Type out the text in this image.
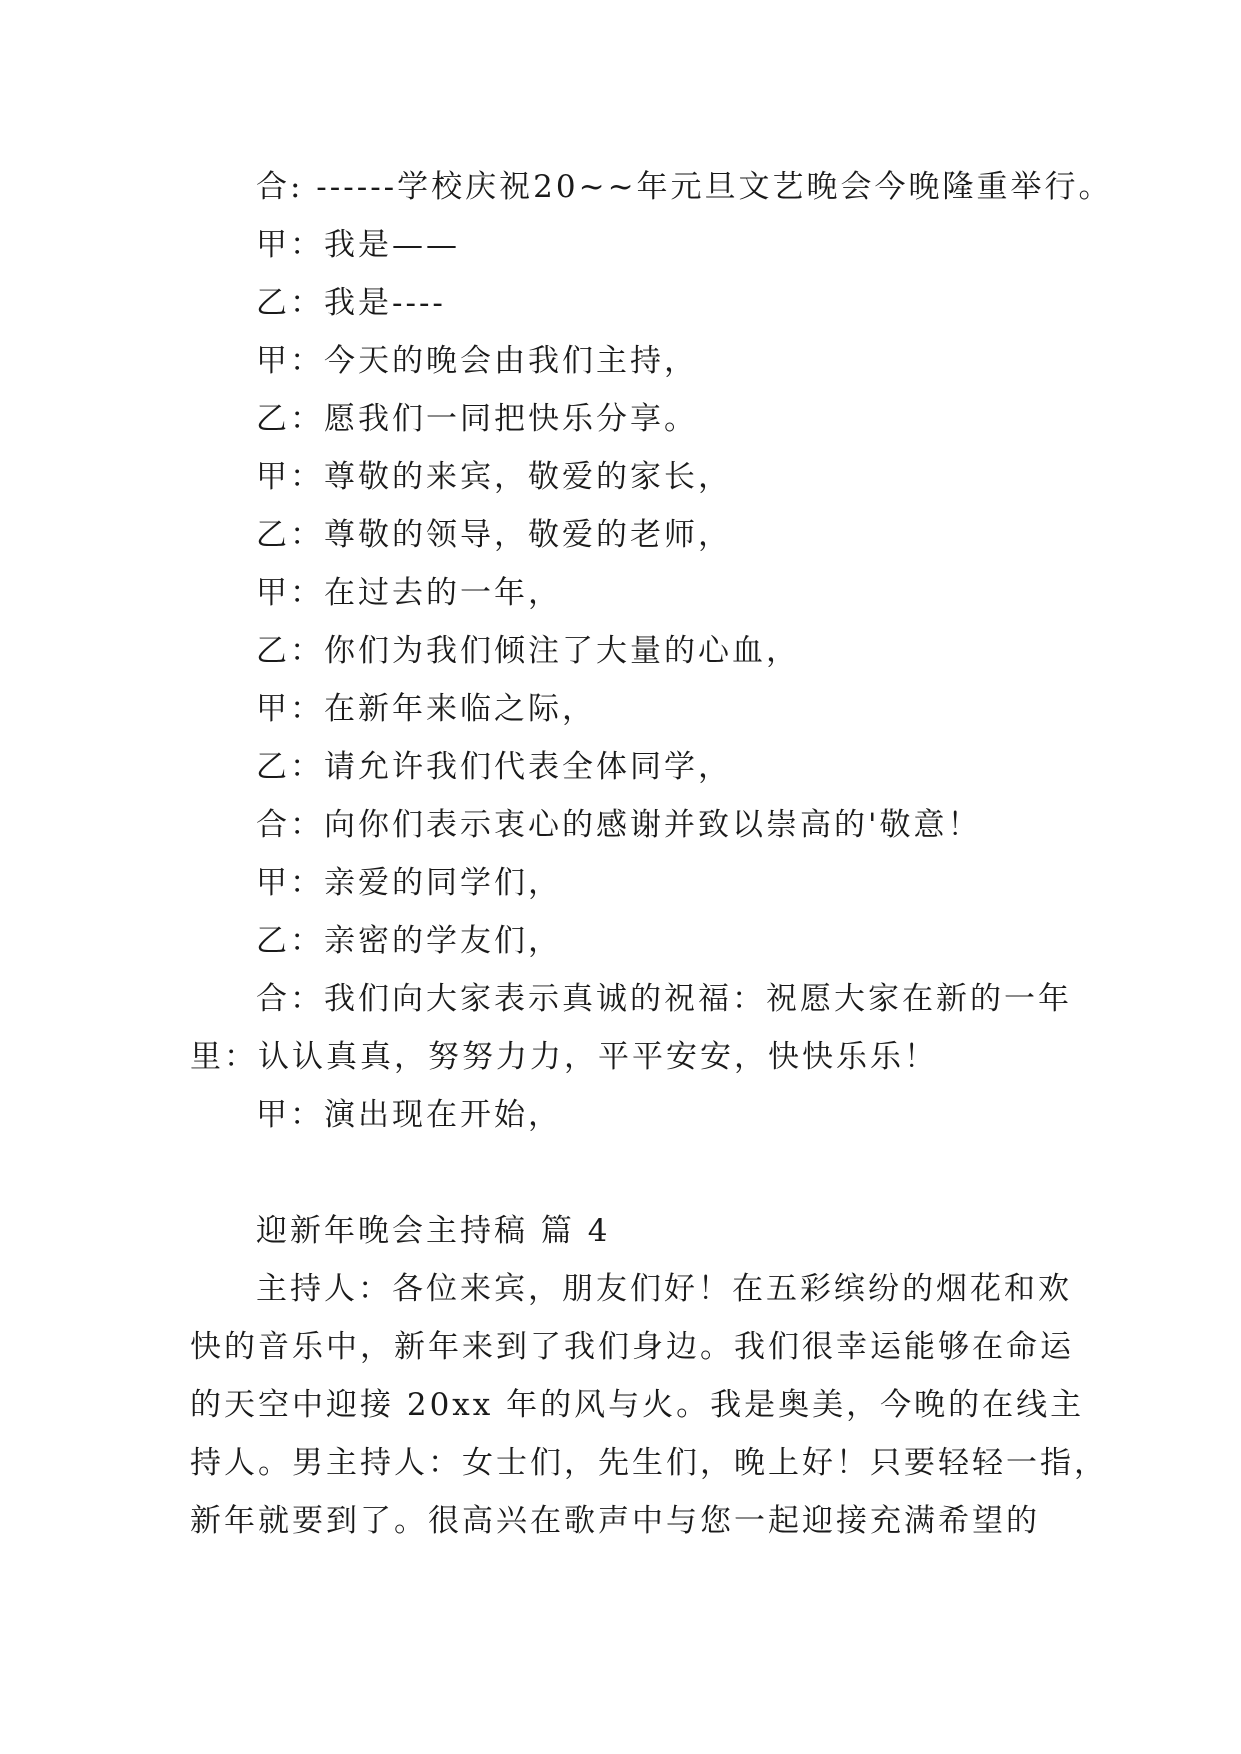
合: ------学校庆祝20~~年元旦文艺晚会今晚隆重举行。
甲：我是——
乙：我是----
甲：今天的晚会由我们主持，
乙：愿我们一同把快乐分享。
甲：尊敬的来宾，敬爱的家长，
乙：尊敬的领导，敬爱的老师，
甲：在过去的一年，
乙：你们为我们倾注了大量的心血，
甲：在新年来临之际，
乙：请允许我们代表全体同学，
合：向你们表示衷心的感谢并致以崇高的'敬意！
甲：亲爱的同学们，
乙：亲密的学友们，
合：我们向大家表示真诚的祝福：祝愿大家在新的一年
里：认认真真，努努力力，平平安安，快快乐乐！
甲：演出现在开始，
迎新年晚会主持稿 篇 4
主持人：各位来宾，朋友们好！在五彩缤纷的烟花和欢
快的音乐中，新年来到了我们身边。我们很幸运能够在命运
的天空中迎接 20xx 年的风与火。我是奥美，今晚的在线主
持人。男主持人：女士们，先生们，晚上好！只要轻轻一指，
新年就要到了。很高兴在歌声中与您一起迎接充满希望的
